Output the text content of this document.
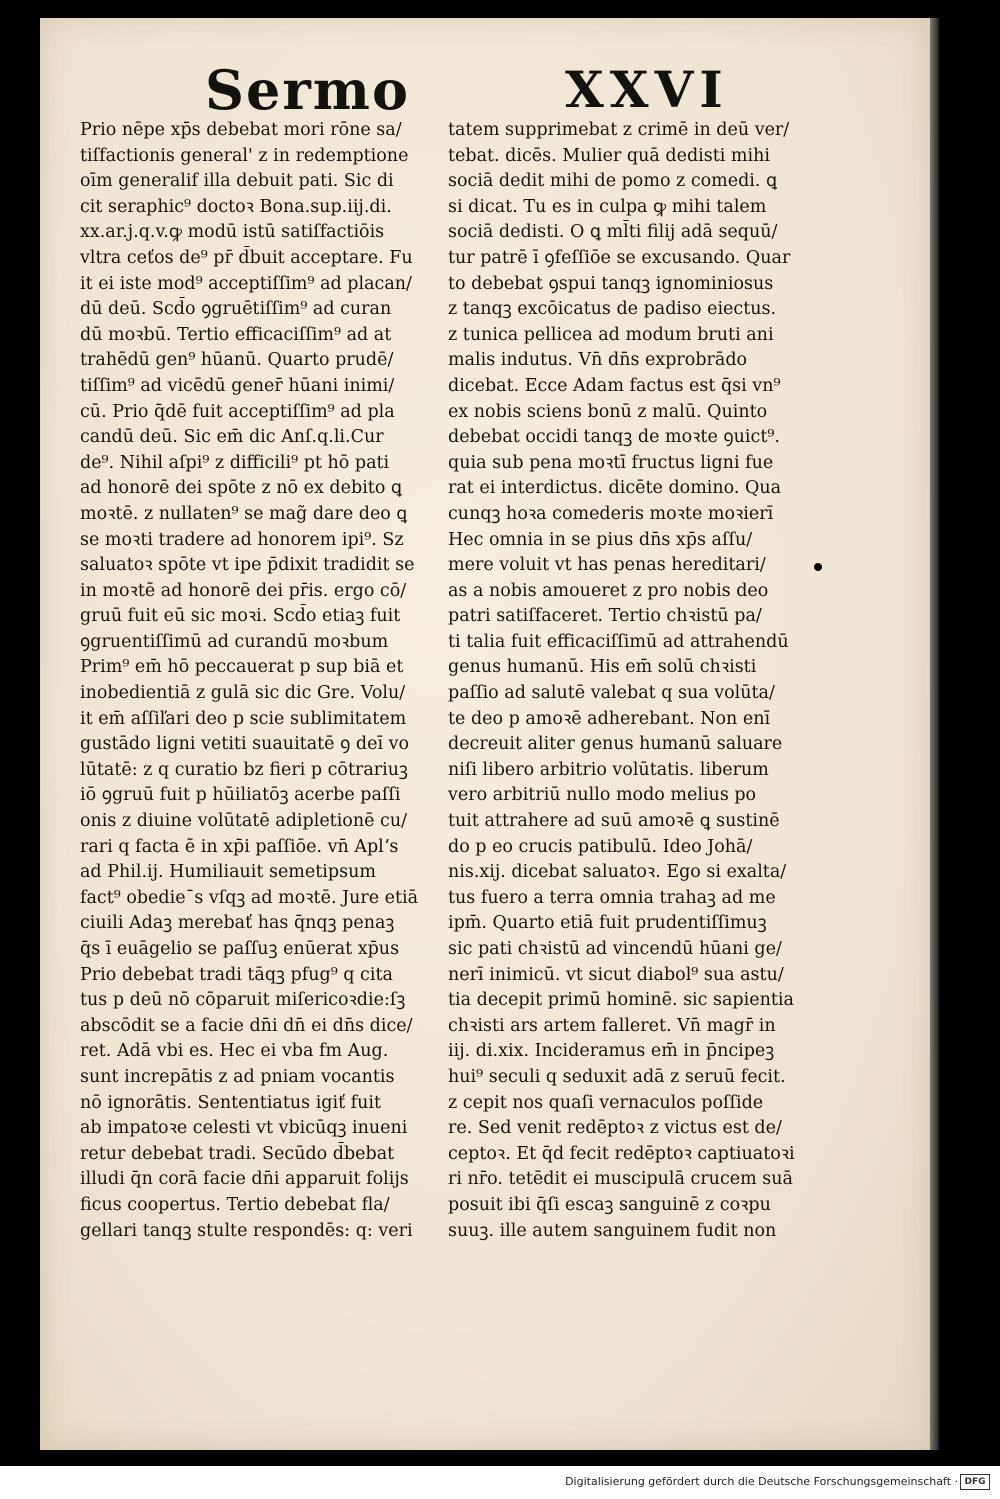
Sermo	XXVI
Prio nēpe xp̄s debebat mori rōne sa/
tiſfactionis general' z in redemptione
oīm generalif illa debuit pati. Sic di
cit seraphic⁹ doctoꝛ Bona.sup.iij.di.
xx.ar.j.q.v.ꝙ modū istū satiſfactiōis
vltra ceťos de⁹ pr̄ d̄buit acceptare. Fu
it ei iste mod⁹ acceptiſſim⁹ ad placan/
dū deū. Scd̄o ꝯgruētiſſim⁹ ad curan
dū moꝛbū. Tertio efficaciſſim⁹ ad at
trahēdū gen⁹ hūanū. Quarto prudē/
tiſſim⁹ ad vicēdū gener̄ hūani inimi/
cū. Prio q̄dē fuit acceptiſſim⁹ ad pla
candū deū. Sic em̄ dic Anſ.q.li.Cur
de⁹. Nihil aſpi⁹ z difficili⁹ pt hō pati
ad honorē dei spōte z nō ex debito ꝗ
moꝛtē. z nullaten⁹ se mag̃ dare deo ꝗ
se moꝛti tradere ad honorem ipi⁹. Sz
saluatoꝛ spōte vt ipe p̄dixit tradidit se
in moꝛtē ad honorē dei pr̄is. ergo cō/
gruū fuit eū sic moꝛi. Scd̄o etiaꝫ fuit
ꝯgruentiſſimū ad curandū moꝛbum
Prim⁹ em̄ hō peccauerat p sup biā et
inobedientiā z gulā sic dic Gre. Volu/
it em̄ aſſiľari deo p scie sublimitatem
gustādo ligni vetiti suauitatē ꝯ deī vo
lūtatē: z q curatio bz fieri p cōtrariuꝫ
iō ꝯgruū fuit p hūiliatōꝫ acerbe paſſi
onis z diuine volūtatē adipletionē cu/
rari q facta ē in xp̄i paſſiōe. vn̄ Aplʼs
ad Phil.ij. Humiliauit semetipsum
fact⁹ obedieˉs vſqꝫ ad moꝛtē. Jure etiā
ciuili Adaꝫ merebať has q̄nqꝫ penaꝫ
q̄s ī euāgelio se paſſuꝫ enūerat xp̄us
Prio debebat tradi tāqꝫ pfug⁹ q cita
tus p deū nō cōparuit miſericoꝛdie:ſꝫ
abscōdit se a facie dn̄i dn̄ ei dn̄s dice/
ret. Adā vbi es. Hec ei vba fm Aug.
sunt increpātis z ad pniam vocantis
nō ignorātis. Sententiatus igiť fuit
ab impatoꝛe celesti vt vbicūqꝫ inueni
retur debebat tradi. Secūdo d̄bebat
illudi q̄n corā facie dn̄i apparuit folijs
ficus coopertus. Tertio debebat fla/
gellari tanqꝫ stulte respondēs: q: veri
tatem supprimebat z crimē in deū ver/
tebat. dicēs. Mulier quā dedisti mihi
sociā dedit mihi de pomo z comedi. ꝗ
si dicat. Tu es in culpa ꝙ mihi talem
sociā dedisti. O ꝗ ml̄ti filij adā sequū/
tur patrē ī ꝯfeſſiōe se excusando. Quar
to debebat ꝯspui tanqꝫ ignominiosus
z tanqꝫ excōicatus de padiso eiectus.
z tunica pellicea ad modum bruti ani
malis indutus. Vn̄ dn̄s exprobrādo
dicebat. Ecce Adam factus est q̄si vn⁹
ex nobis sciens bonū z malū. Quinto
debebat occidi tanqꝫ de moꝛte ꝯuict⁹.
quia sub pena moꝛtī fructus ligni fue
rat ei interdictus. dicēte domino. Qua
cunqꝫ hoꝛa comederis moꝛte moꝛierī
Hec omnia in se pius dn̄s xp̄s aſſu/
mere voluit vt has penas hereditari/
as a nobis amoueret z pro nobis deo
patri satiſfaceret. Tertio chꝛistū pa/
ti talia fuit efficaciſſimū ad attrahendū
genus humanū. His em̄ solū chꝛisti
paſſio ad salutē valebat q sua volūta/
te deo p amoꝛē adherebant. Non enī
decreuit aliter genus humanū saluare
niſi libero arbitrio volūtatis. liberum
vero arbitriū nullo modo melius po
tuit attrahere ad suū amoꝛē ꝗ sustinē
do p eo crucis patibulū. Ideo Johā/
nis.xij. dicebat saluatoꝛ. Ego si exalta/
tus fuero a terra omnia trahaꝫ ad me
ipm̄. Quarto etiā fuit prudentiſſimuꝫ
sic pati chꝛistū ad vincendū hūani ge/
nerī inimicū. vt sicut diabol⁹ sua astu/
tia decepit primū hominē. sic sapientia
chꝛisti ars artem falleret. Vn̄ magr̄ in
iij. di.xix. Incideramus em̄ in p̄ncipeꝫ
hui⁹ seculi q seduxit adā z seruū fecit.
z cepit nos quaſi vernaculos poſſide
re. Sed venit redēptoꝛ z victus est de/
ceptoꝛ. Et q̄d fecit redēptoꝛ captiuatoꝛi
ri nr̄o. tetēdit ei muscipulā crucem suā
posuit ibi q̄ſi escaꝫ sanguinē z coꝛpu
suuꝫ. ille autem sanguinem fudit non
Digitalisierung gefördert durch die Deutsche Forschungsgemeinschaft · DFG
